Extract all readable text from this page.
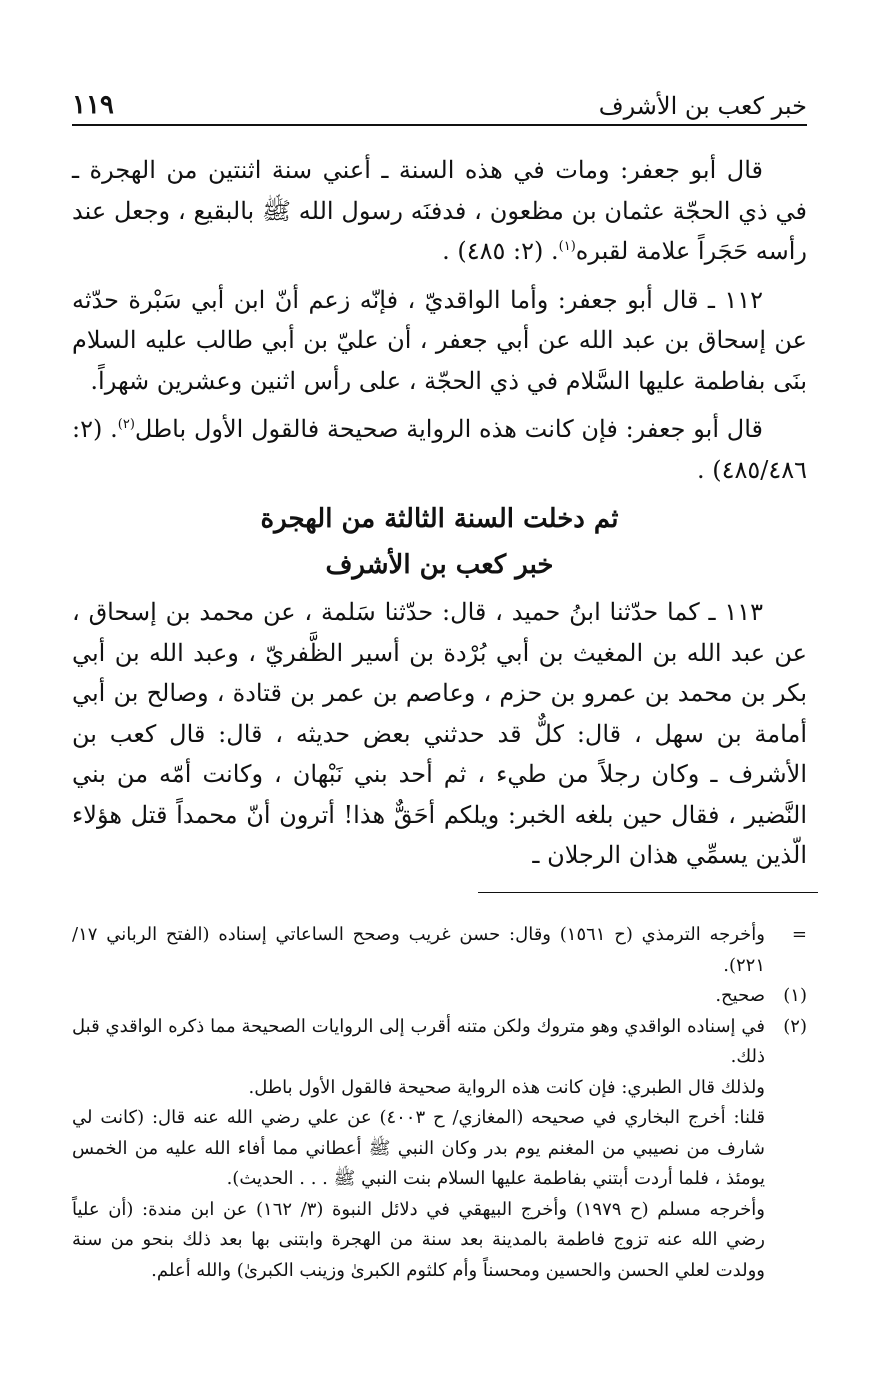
خبر كعب بن الأشرف
١١٩

قال أبو جعفر: ومات في هذه السنة ـ أعني سنة اثنتين من الهجرة ـ في ذي الحجّة عثمان بن مظعون ، فدفنَه رسول الله ﷺ بالبقيع ، وجعل عند رأسه حَجَراً علامة لقبره$^{(١)}$. (٢: ٤٨٥) .

١١٢ ـ قال أبو جعفر: وأما الواقديّ ، فإنّه زعم أنّ ابن أبي سَبْرة حدّثه عن إسحاق بن عبد الله عن أبي جعفر ، أن عليّ بن أبي طالب عليه السلام بنَى بفاطمة عليها السَّلام في ذي الحجّة ، على رأس اثنين وعشرين شهراً.

قال أبو جعفر: فإن كانت هذه الرواية صحيحة فالقول الأول باطل$^{(٢)}$. (٢: ٤٨٥/٤٨٦) .

ثم دخلت السنة الثالثة من الهجرة

خبر كعب بن الأشرف

١١٣ ـ كما حدّثنا ابنُ حميد ، قال: حدّثنا سَلمة ، عن محمد بن إسحاق ، عن عبد الله بن المغيث بن أبي بُرْدة بن أسير الظَّفريّ ، وعبد الله بن أبي بكر بن محمد بن عمرو بن حزم ، وعاصم بن عمر بن قتادة ، وصالح بن أبي أمامة بن سهل ، قال: كلٌّ قد حدثني بعض حديثه ، قال: قال كعب بن الأشرف ـ وكان رجلاً من طيء ، ثم أحد بني نَبْهان ، وكانت أمّه من بني النَّضير ، فقال حين بلغه الخبر: ويلكم أحَقٌّ هذا! أترون أنّ محمداً قتل هؤلاء الّذين يسمِّي هذان الرجلان ـ

=
وأخرجه الترمذي (ح ١٥٦١) وقال: حسن غريب وصحح الساعاتي إسناده (الفتح الرباني ١٧/ ٢٢١).
(١)
صحيح.
(٢)
في إسناده الواقدي وهو متروك ولكن متنه أقرب إلى الروايات الصحيحة مما ذكره الواقدي قبل ذلك.
ولذلك قال الطبري: فإن كانت هذه الرواية صحيحة فالقول الأول باطل.
قلنا: أخرج البخاري في صحيحه (المغازي/ ح ٤٠٠٣) عن علي رضي الله عنه قال: (كانت لي شارف من نصيبي من المغنم يوم بدر وكان النبي ﷺ أعطاني مما أفاء الله عليه من الخمس يومئذ ، فلما أردت أبتني بفاطمة عليها السلام بنت النبي ﷺ . . . الحديث).
وأخرجه مسلم (ح ١٩٧٩) وأخرج البيهقي في دلائل النبوة (٣/ ١٦٢) عن ابن مندة: (أن علياً رضي الله عنه تزوج فاطمة بالمدينة بعد سنة من الهجرة وابتنى بها بعد ذلك بنحو من سنة وولدت لعلي الحسن والحسين ومحسناً وأم كلثوم الكبرىٰ وزينب الكبرىٰ) والله أعلم.
